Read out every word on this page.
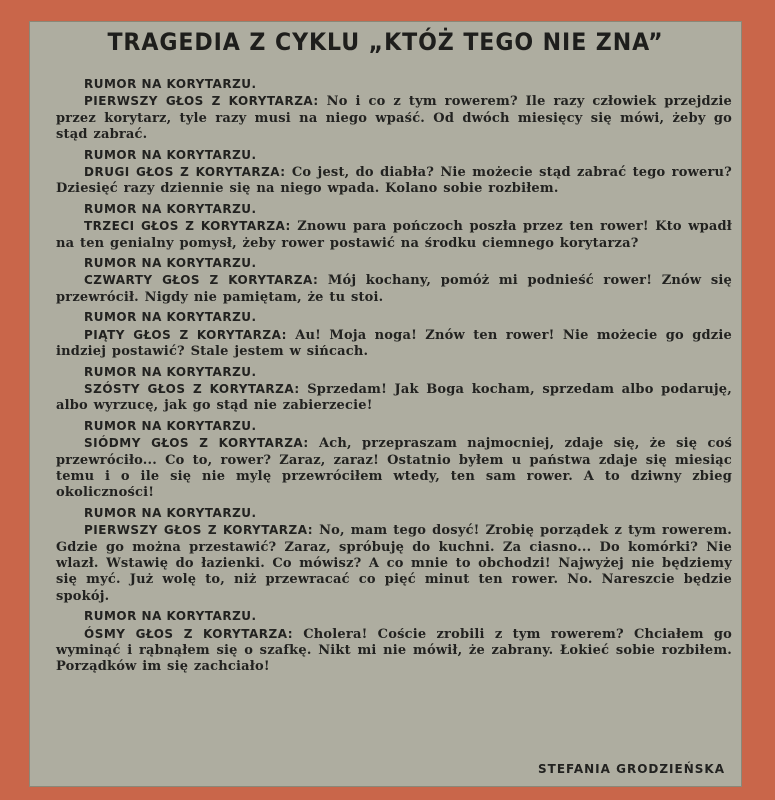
TRAGEDIA Z CYKLU „KTÓŻ TEGO NIE ZNA”
RUMOR NA KORYTARZU.

PIERWSZY GŁOS Z KORYTARZA: No i co z tym rowerem? Ile razy człowiek przejdzie przez korytarz, tyle razy musi na niego wpaść. Od dwóch miesięcy się mówi, żeby go stąd zabrać.

RUMOR NA KORYTARZU.

DRUGI GŁOS Z KORYTARZA: Co jest, do diabła? Nie możecie stąd zabrać tego roweru? Dziesięć razy dziennie się na niego wpada. Kolano sobie rozbiłem.

RUMOR NA KORYTARZU.

TRZECI GŁOS Z KORYTARZA: Znowu para pończoch poszła przez ten rower! Kto wpadł na ten genialny pomysł, żeby rower postawić na środku ciemnego korytarza?

RUMOR NA KORYTARZU.

CZWARTY GŁOS Z KORYTARZA: Mój kochany, pomóż mi podnieść rower! Znów się przewrócił. Nigdy nie pamiętam, że tu stoi.

RUMOR NA KORYTARZU.

PIĄTY GŁOS Z KORYTARZA: Au! Moja noga! Znów ten rower! Nie możecie go gdzie indziej postawić? Stale jestem w sińcach.

RUMOR NA KORYTARZU.

SZÓSTY GŁOS Z KORYTARZA: Sprzedam! Jak Boga kocham, sprzedam albo podaruję, albo wyrzucę, jak go stąd nie zabierzecie!

RUMOR NA KORYTARZU.

SIÓDMY GŁOS Z KORYTARZA: Ach, przepraszam najmocniej, zdaje się, że się coś przewróciło... Co to, rower? Zaraz, zaraz! Ostatnio byłem u państwa zdaje się miesiąc temu i o ile się nie mylę przewróciłem wtedy, ten sam rower. A to dziwny zbieg okoliczności!

RUMOR NA KORYTARZU.

PIERWSZY GŁOS Z KORYTARZA: No, mam tego dosyć! Zrobię porządek z tym rowerem. Gdzie go można przestawić? Zaraz, spróbuję do kuchni. Za ciasno... Do komórki? Nie wlazł. Wstawię do łazienki. Co mówisz? A co mnie to obchodzi! Najwyżej nie będziemy się myć. Już wolę to, niż przewracać co pięć minut ten rower. No. Nareszcie będzie spokój.

RUMOR NA KORYTARZU.

ÓSMY GŁOS Z KORYTARZA: Cholera! Coście zrobili z tym rowerem? Chciałem go wyminąć i rąbnąłem się o szafkę. Nikt mi nie mówił, że zabrany. Łokieć sobie rozbiłem. Porządków im się zachciało!

STEFANIA GRODZIEŃSKA
